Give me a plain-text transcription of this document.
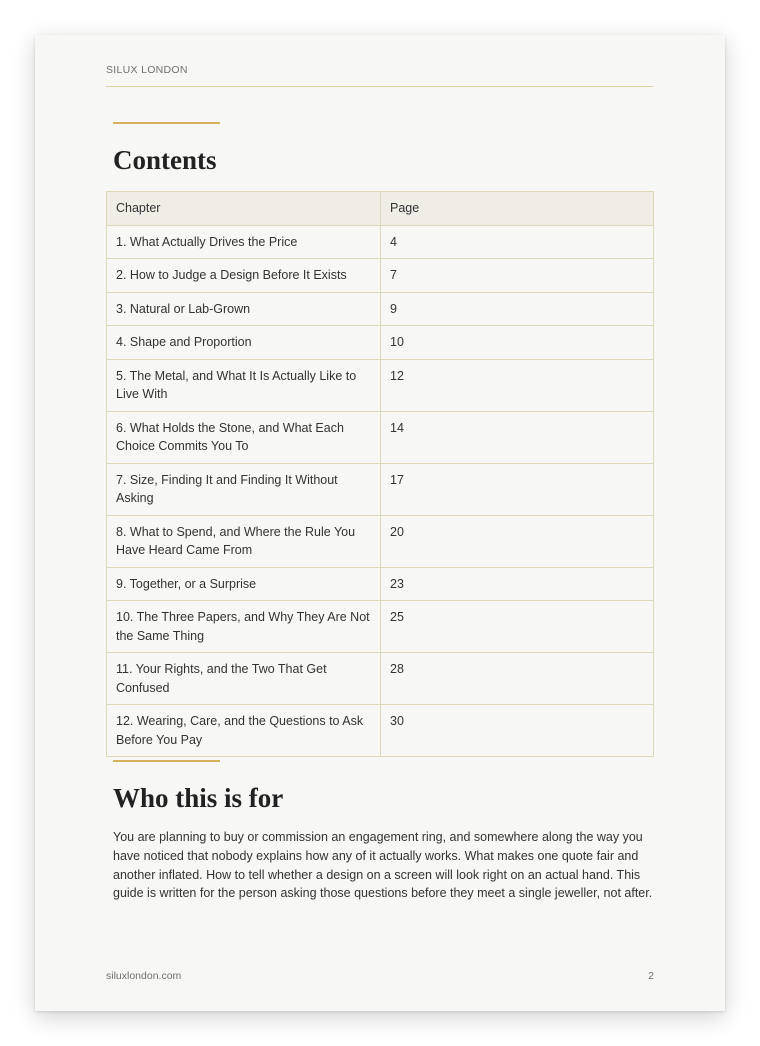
SILUX LONDON
Contents
Chapter	Page
1. What Actually Drives the Price	4
2. How to Judge a Design Before It Exists	7
3. Natural or Lab-Grown	9
4. Shape and Proportion	10
5. The Metal, and What It Is Actually Like to Live With	12
6. What Holds the Stone, and What Each Choice Commits You To	14
7. Size, Finding It and Finding It Without Asking	17
8. What to Spend, and Where the Rule You Have Heard Came From	20
9. Together, or a Surprise	23
10. The Three Papers, and Why They Are Not the Same Thing	25
11. Your Rights, and the Two That Get Confused	28
12. Wearing, Care, and the Questions to Ask Before You Pay	30
Who this is for

You are planning to buy or commission an engagement ring, and somewhere along the way you have noticed that nobody explains how any of it actually works. What makes one quote fair and another inflated. How to tell whether a design on a screen will look right on an actual hand. This guide is written for the person asking those questions before they meet a single jeweller, not after.

siluxlondon.com	2
